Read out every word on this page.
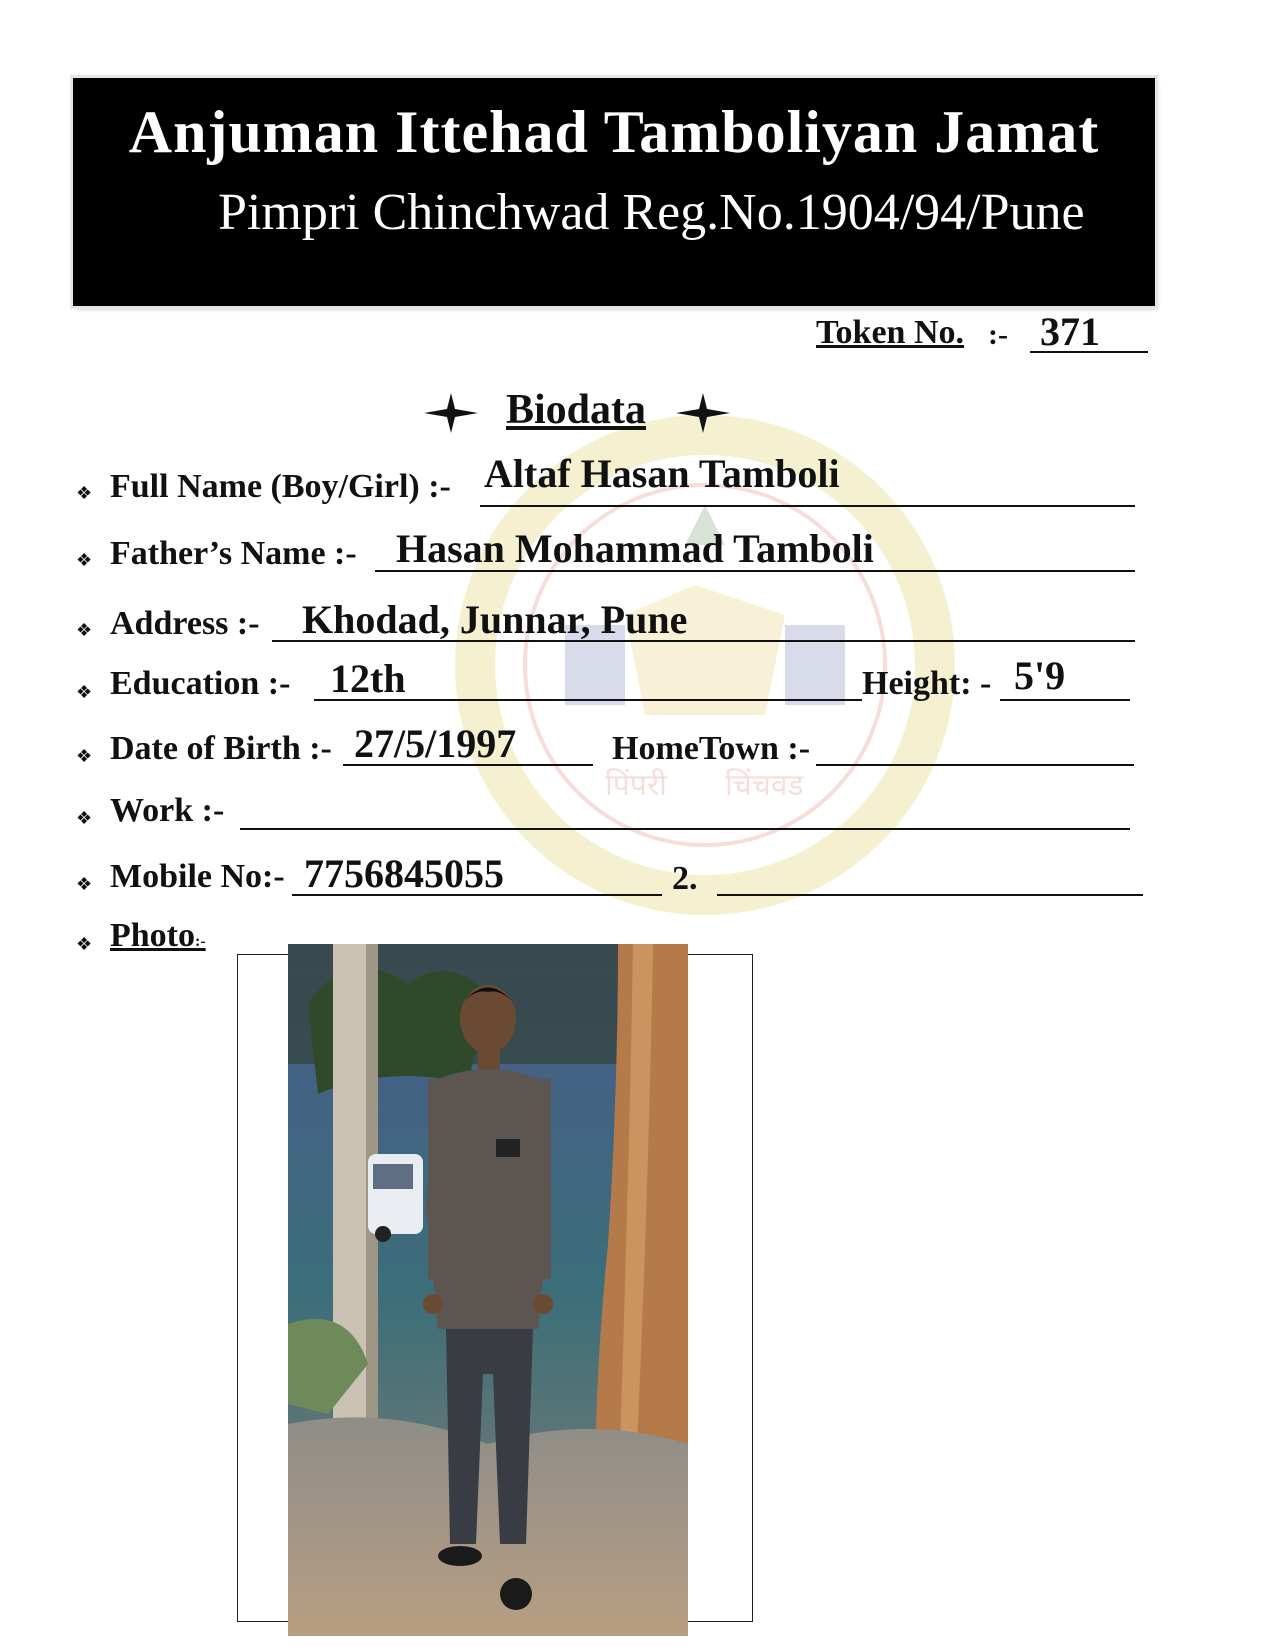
Anjuman Ittehad Tamboliyan Jamat
Pimpri Chinchwad Reg.No.1904/94/Pune
पिंपरी चिंचवड
Token No. :- 371
Biodata
❖ Full Name (Boy/Girl) :- Altaf Hasan Tamboli
❖ Father’s Name :- Hasan Mohammad Tamboli
❖ Address :- Khodad, Junnar, Pune
❖ Education :- 12th	Height: - 5'9
❖ Date of Birth :- 27/5/1997	HomeTown :-
❖ Work :-
❖ Mobile No:- 7756845055	2.
❖ Photo:-
